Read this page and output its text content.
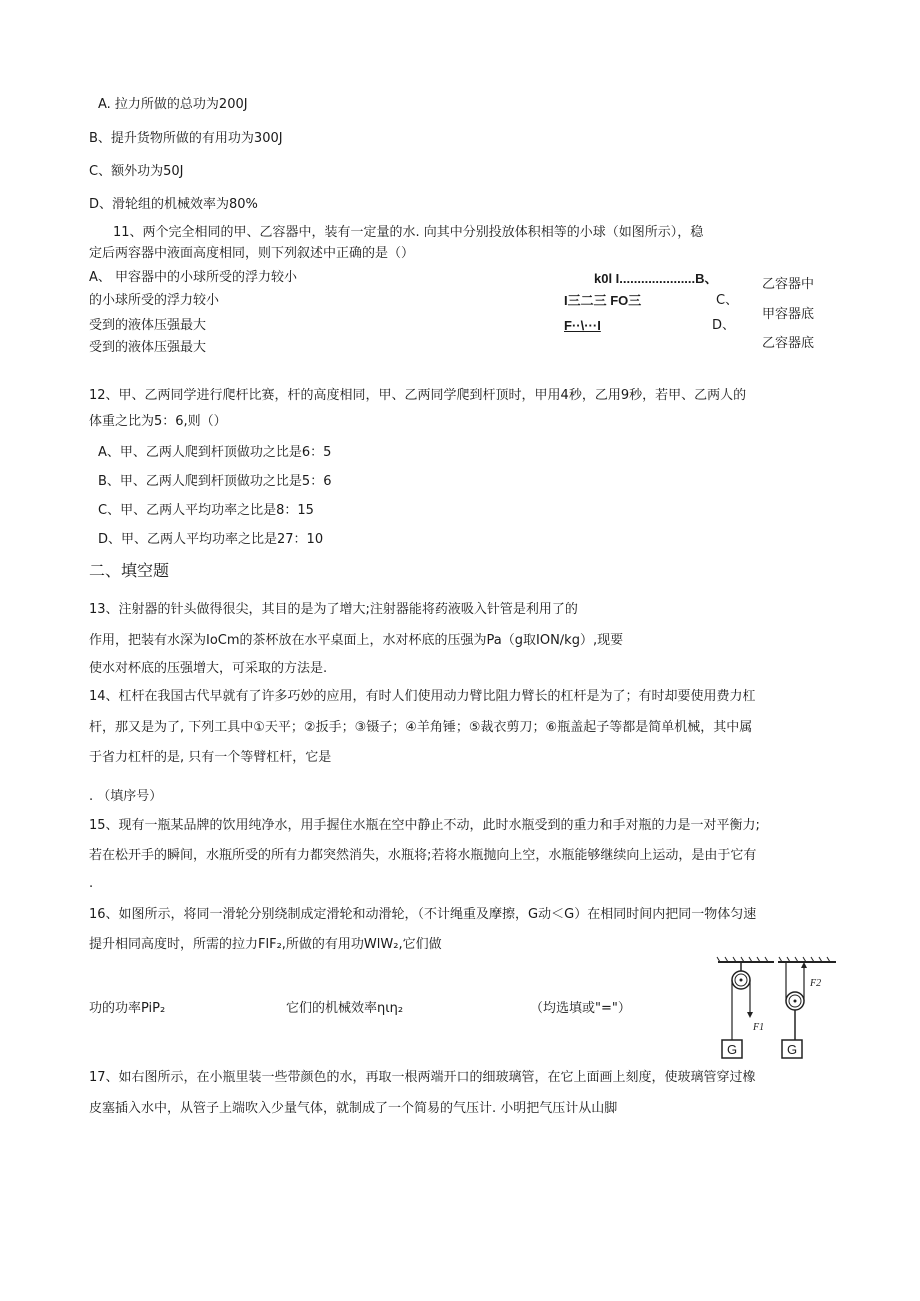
A. 拉力所做的总功为200J
B、提升货物所做的有用功为300J
C、额外功为50J
D、滑轮组的机械效率为80%
11、两个完全相同的甲、乙容器中，装有一定量的水. 向其中分别投放体积相等的小球（如图所示），稳
定后两容器中液面高度相同，则下列叙述中正确的是（）
A、 甲容器中的小球所受的浮力较小
的小球所受的浮力较小
受到的液体压强最大
受到的液体压强最大
k0l I.....................B、
I三二三 FO三
F··\···I
C、
D、
乙容器中
甲容器底
乙容器底
12、甲、乙两同学进行爬杆比赛，杆的高度相同，甲、乙两同学爬到杆顶时，甲用4秒，乙用9秒，若甲、乙两人的
体重之比为5：6,则（）
A、甲、乙两人爬到杆顶做功之比是6：5
B、甲、乙两人爬到杆顶做功之比是5：6
C、甲、乙两人平均功率之比是8：15
D、甲、乙两人平均功率之比是27：10
二、填空题
13、注射器的针头做得很尖，其目的是为了增大;注射器能将药液吸入针管是利用了的
作用，把装有水深为IoCm的茶杯放在水平桌面上，水对杯底的压强为Pa（g取ION∕kg）,现要
使水对杯底的压强增大，可采取的方法是.
14、杠杆在我国古代早就有了许多巧妙的应用，有时人们使用动力臂比阻力臂长的杠杆是为了；有时却要使用费力杠
杆，那又是为了, 下列工具中①天平；②扳手；③镊子；④羊角锤；⑤裁衣剪刀；⑥瓶盖起子等都是简单机械，其中属
于省力杠杆的是, 只有一个等臂杠杆，它是
. （填序号）
15、现有一瓶某品牌的饮用纯净水，用手握住水瓶在空中静止不动，此时水瓶受到的重力和手对瓶的力是一对平衡力;
若在松开手的瞬间，水瓶所受的所有力都突然消失，水瓶将;若将水瓶抛向上空，水瓶能够继续向上运动，是由于它有
.
16、如图所示，将同一滑轮分别绕制成定滑轮和动滑轮，（不计绳重及摩擦，G动＜G）在相同时间内把同一物体匀速
提升相同高度时，所需的拉力FlF₂,所做的有用功WlW₂,它们做
功的功率PiP₂	它们的机械效率ηιη₂	（均选填或"="）
F1
F2
G	G
17、如右图所示，在小瓶里装一些带颜色的水，再取一根两端开口的细玻璃管，在它上面画上刻度，使玻璃管穿过橡
皮塞插入水中，从管子上端吹入少量气体，就制成了一个简易的气压计. 小明把气压计从山脚
